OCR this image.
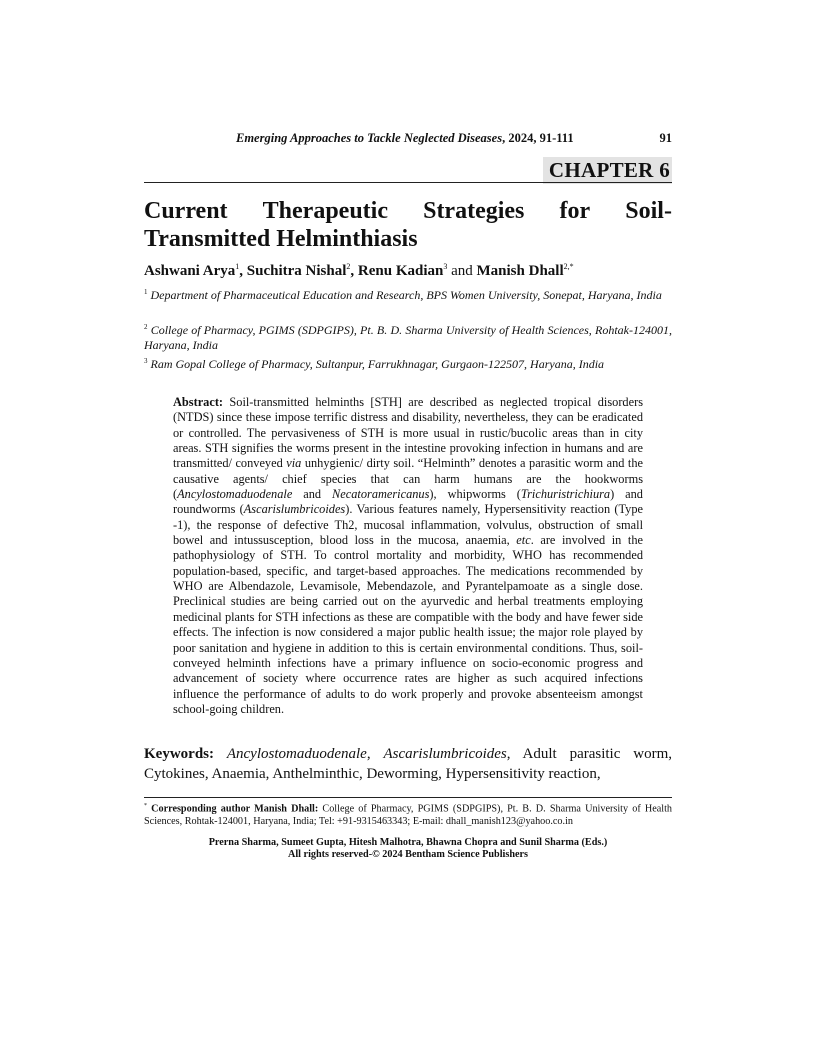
Emerging Approaches to Tackle Neglected Diseases, 2024, 91-111	91
CHAPTER 6
Current Therapeutic Strategies for Soil-
Transmitted Helminthiasis
Ashwani Arya$^1$, Suchitra Nishal$^2$, Renu Kadian$^3$ and Manish Dhall$^{2,*}$
$^1$ Department of Pharmaceutical Education and Research, BPS Women University, Sonepat, Haryana, India
$^2$ College of Pharmacy, PGIMS (SDPGIPS), Pt. B. D. Sharma University of Health Sciences, Rohtak-124001, Haryana, India
$^3$ Ram Gopal College of Pharmacy, Sultanpur, Farrukhnagar, Gurgaon-122507, Haryana, India
Abstract: Soil-transmitted helminths [STH] are described as neglected tropical disorders (NTDS) since these impose terrific distress and disability, nevertheless, they can be eradicated or controlled. The pervasiveness of STH is more usual in rustic/bucolic areas than in city areas. STH signifies the worms present in the intestine provoking infection in humans and are transmitted/ conveyed via unhygienic/ dirty soil. “Helminth” denotes a parasitic worm and the causative agents/ chief species that can harm humans are the hookworms (Ancylostomaduodenale and Necatoramericanus), whipworms (Trichuristrichiura) and roundworms (Ascarislumbricoides). Various features namely, Hypersensitivity reaction (Type -1), the response of defective Th2, mucosal inflammation, volvulus, obstruction of small bowel and intussusception, blood loss in the mucosa, anaemia, etc. are involved in the pathophysiology of STH. To control mortality and morbidity, WHO has recommended population-based, specific, and target-based approaches. The medications recommended by WHO are Albendazole, Levamisole, Mebendazole, and Pyrantelpamoate as a single dose. Preclinical studies are being carried out on the ayurvedic and herbal treatments employing medicinal plants for STH infections as these are compatible with the body and have fewer side effects. The infection is now considered a major public health issue; the major role played by poor sanitation and hygiene in addition to this is certain environmental conditions. Thus, soil-conveyed helminth infections have a primary influence on socio-economic progress and advancement of society where occurrence rates are higher as such acquired infections influence the performance of adults to do work properly and provoke absenteeism amongst school-going children.
Keywords: Ancylostomaduodenale, Ascarislumbricoides, Adult parasitic worm, Cytokines, Anaemia, Anthelminthic, Deworming, Hypersensitivity reaction,
* Corresponding author Manish Dhall: College of Pharmacy, PGIMS (SDPGIPS), Pt. B. D. Sharma University of Health Sciences, Rohtak-124001, Haryana, India; Tel: +91-9315463343; E-mail: dhall_manish123@yahoo.co.in
Prerna Sharma, Sumeet Gupta, Hitesh Malhotra, Bhawna Chopra and Sunil Sharma (Eds.)
All rights reserved-© 2024 Bentham Science Publishers
